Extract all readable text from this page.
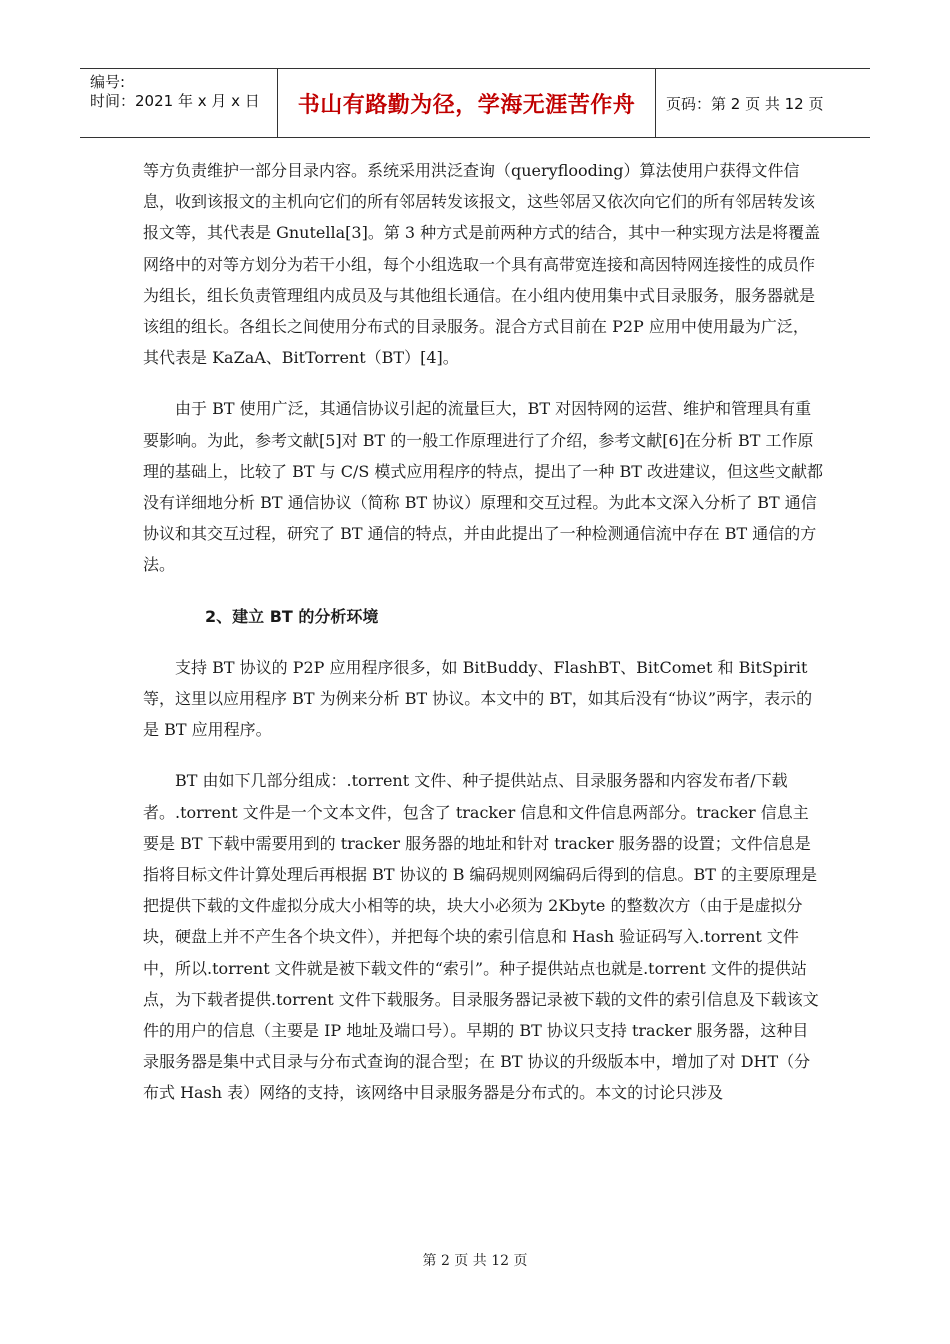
编号:
时间：2021 年 x 月 x 日	书山有路勤为径，学海无涯苦作舟	页码：第 2 页 共 12 页

等方负责维护一部分目录内容。系统采用洪泛查询（queryflooding）算法使用户获得文件信息，收到该报文的主机向它们的所有邻居转发该报文，这些邻居又依次向它们的所有邻居转发该报文等，其代表是 Gnutella[3]。第 3 种方式是前两种方式的结合，其中一种实现方法是将覆盖网络中的对等方划分为若干小组，每个小组选取一个具有高带宽连接和高因特网连接性的成员作为组长，组长负责管理组内成员及与其他组长通信。在小组内使用集中式目录服务，服务器就是该组的组长。各组长之间使用分布式的目录服务。混合方式目前在 P2P 应用中使用最为广泛，其代表是 KaZaA、BitTorrent（BT）[4]。

由于 BT 使用广泛，其通信协议引起的流量巨大，BT 对因特网的运营、维护和管理具有重要影响。为此，参考文献[5]对 BT 的一般工作原理进行了介绍，参考文献[6]在分析 BT 工作原理的基础上，比较了 BT 与 C/S 模式应用程序的特点，提出了一种 BT 改进建议，但这些文献都没有详细地分析 BT 通信协议（简称 BT 协议）原理和交互过程。为此本文深入分析了 BT 通信协议和其交互过程，研究了 BT 通信的特点，并由此提出了一种检测通信流中存在 BT 通信的方法。

2、建立 BT 的分析环境

支持 BT 协议的 P2P 应用程序很多，如 BitBuddy、FlashBT、BitComet 和 BitSpirit 等，这里以应用程序 BT 为例来分析 BT 协议。本文中的 BT，如其后没有“协议”两字，表示的是 BT 应用程序。

BT 由如下几部分组成：.torrent 文件、种子提供站点、目录服务器和内容发布者/下载者。.torrent 文件是一个文本文件，包含了 tracker 信息和文件信息两部分。tracker 信息主要是 BT 下载中需要用到的 tracker 服务器的地址和针对 tracker 服务器的设置；文件信息是指将目标文件计算处理后再根据 BT 协议的 B 编码规则网编码后得到的信息。BT 的主要原理是把提供下载的文件虚拟分成大小相等的块，块大小必须为 2Kbyte 的整数次方（由于是虚拟分块，硬盘上并不产生各个块文件），并把每个块的索引信息和 Hash 验证码写入.torrent 文件中，所以.torrent 文件就是被下载文件的“索引”。种子提供站点也就是.torrent 文件的提供站点，为下载者提供.torrent 文件下载服务。目录服务器记录被下载的文件的索引信息及下载该文件的用户的信息（主要是 IP 地址及端口号）。早期的 BT 协议只支持 tracker 服务器，这种目录服务器是集中式目录与分布式查询的混合型；在 BT 协议的升级版本中，增加了对 DHT（分布式 Hash 表）网络的支持，该网络中目录服务器是分布式的。本文的讨论只涉及

第 2 页 共 12 页
